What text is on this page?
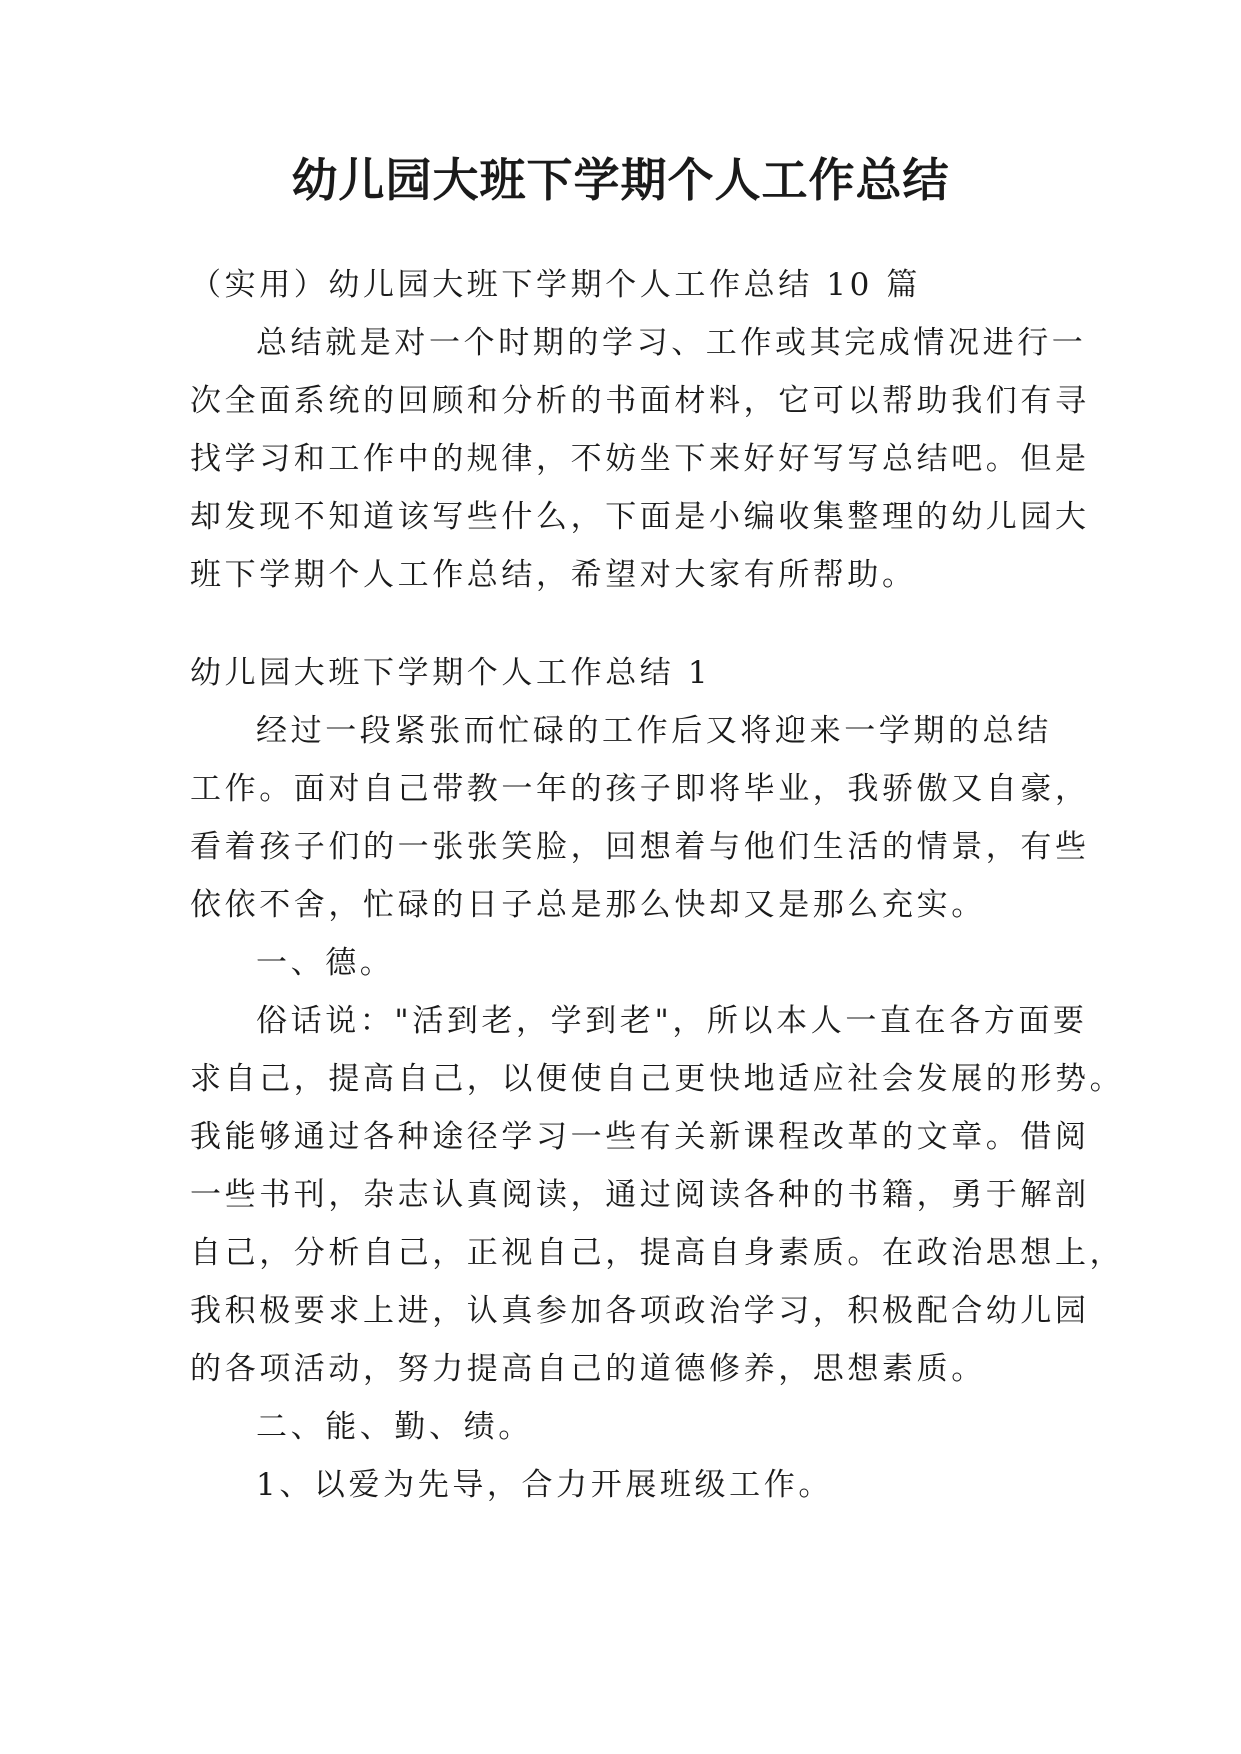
幼儿园大班下学期个人工作总结
（实用）幼儿园大班下学期个人工作总结 10 篇
总结就是对一个时期的学习、工作或其完成情况进行一
次全面系统的回顾和分析的书面材料，它可以帮助我们有寻
找学习和工作中的规律，不妨坐下来好好写写总结吧。但是
却发现不知道该写些什么，下面是小编收集整理的幼儿园大
班下学期个人工作总结，希望对大家有所帮助。
幼儿园大班下学期个人工作总结 1
经过一段紧张而忙碌的工作后又将迎来一学期的总结
工作。面对自己带教一年的孩子即将毕业，我骄傲又自豪，
看着孩子们的一张张笑脸，回想着与他们生活的情景，有些
依依不舍，忙碌的日子总是那么快却又是那么充实。
一、德。
俗话说："活到老，学到老"，所以本人一直在各方面要
求自己，提高自己，以便使自己更快地适应社会发展的形势。
我能够通过各种途径学习一些有关新课程改革的文章。借阅
一些书刊，杂志认真阅读，通过阅读各种的书籍，勇于解剖
自己，分析自己，正视自己，提高自身素质。在政治思想上，
我积极要求上进，认真参加各项政治学习，积极配合幼儿园
的各项活动，努力提高自己的道德修养，思想素质。
二、能、勤、绩。
1、以爱为先导，合力开展班级工作。
